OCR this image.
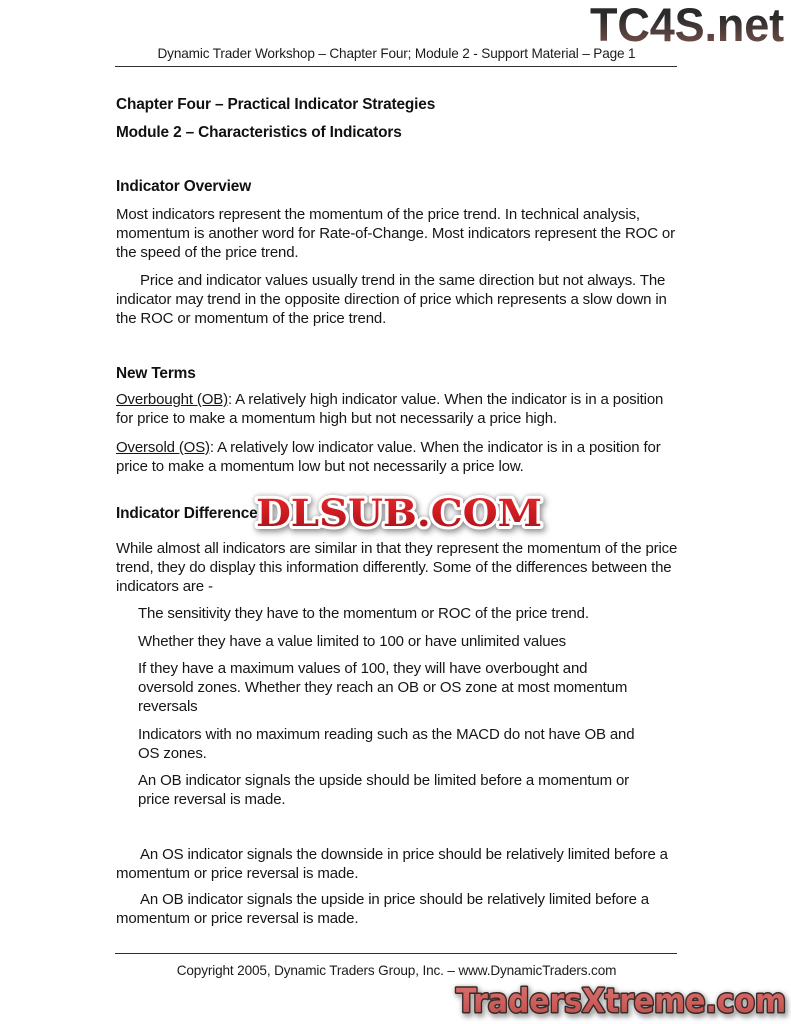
TC4S.net
Dynamic Trader Workshop – Chapter Four; Module 2 - Support Material – Page 1
Chapter Four – Practical Indicator Strategies
Module 2 – Characteristics of Indicators
Indicator Overview

Most indicators represent the momentum of the price trend. In technical analysis, momentum is another word for Rate-of-Change. Most indicators represent the ROC or the speed of the price trend.

Price and indicator values usually trend in the same direction but not always. The indicator may trend in the opposite direction of price which represents a slow down in the ROC or momentum of the price trend.

New Terms

Overbought (OB): A relatively high indicator value. When the indicator is in a position for price to make a momentum high but not necessarily a price high.

Oversold (OS): A relatively low indicator value. When the indicator is in a position for price to make a momentum low but not necessarily a price low.

Indicator Differences

While almost all indicators are similar in that they represent the momentum of the price trend, they do display this information differently. Some of the differences between the indicators are -

The sensitivity they have to the momentum or ROC of the price trend.
Whether they have a value limited to 100 or have unlimited values
If they have a maximum values of 100, they will have overbought and oversold zones. Whether they reach an OB or OS zone at most momentum reversals
Indicators with no maximum reading such as the MACD do not have OB and OS zones.
An OB indicator signals the upside should be limited before a momentum or price reversal is made.

An OS indicator signals the downside in price should be relatively limited before a momentum or price reversal is made.

An OB indicator signals the upside in price should be relatively limited before a momentum or price reversal is made.

DLSUB.COM
Copyright 2005, Dynamic Traders Group, Inc. – www.DynamicTraders.com
TradersXtreme.com
